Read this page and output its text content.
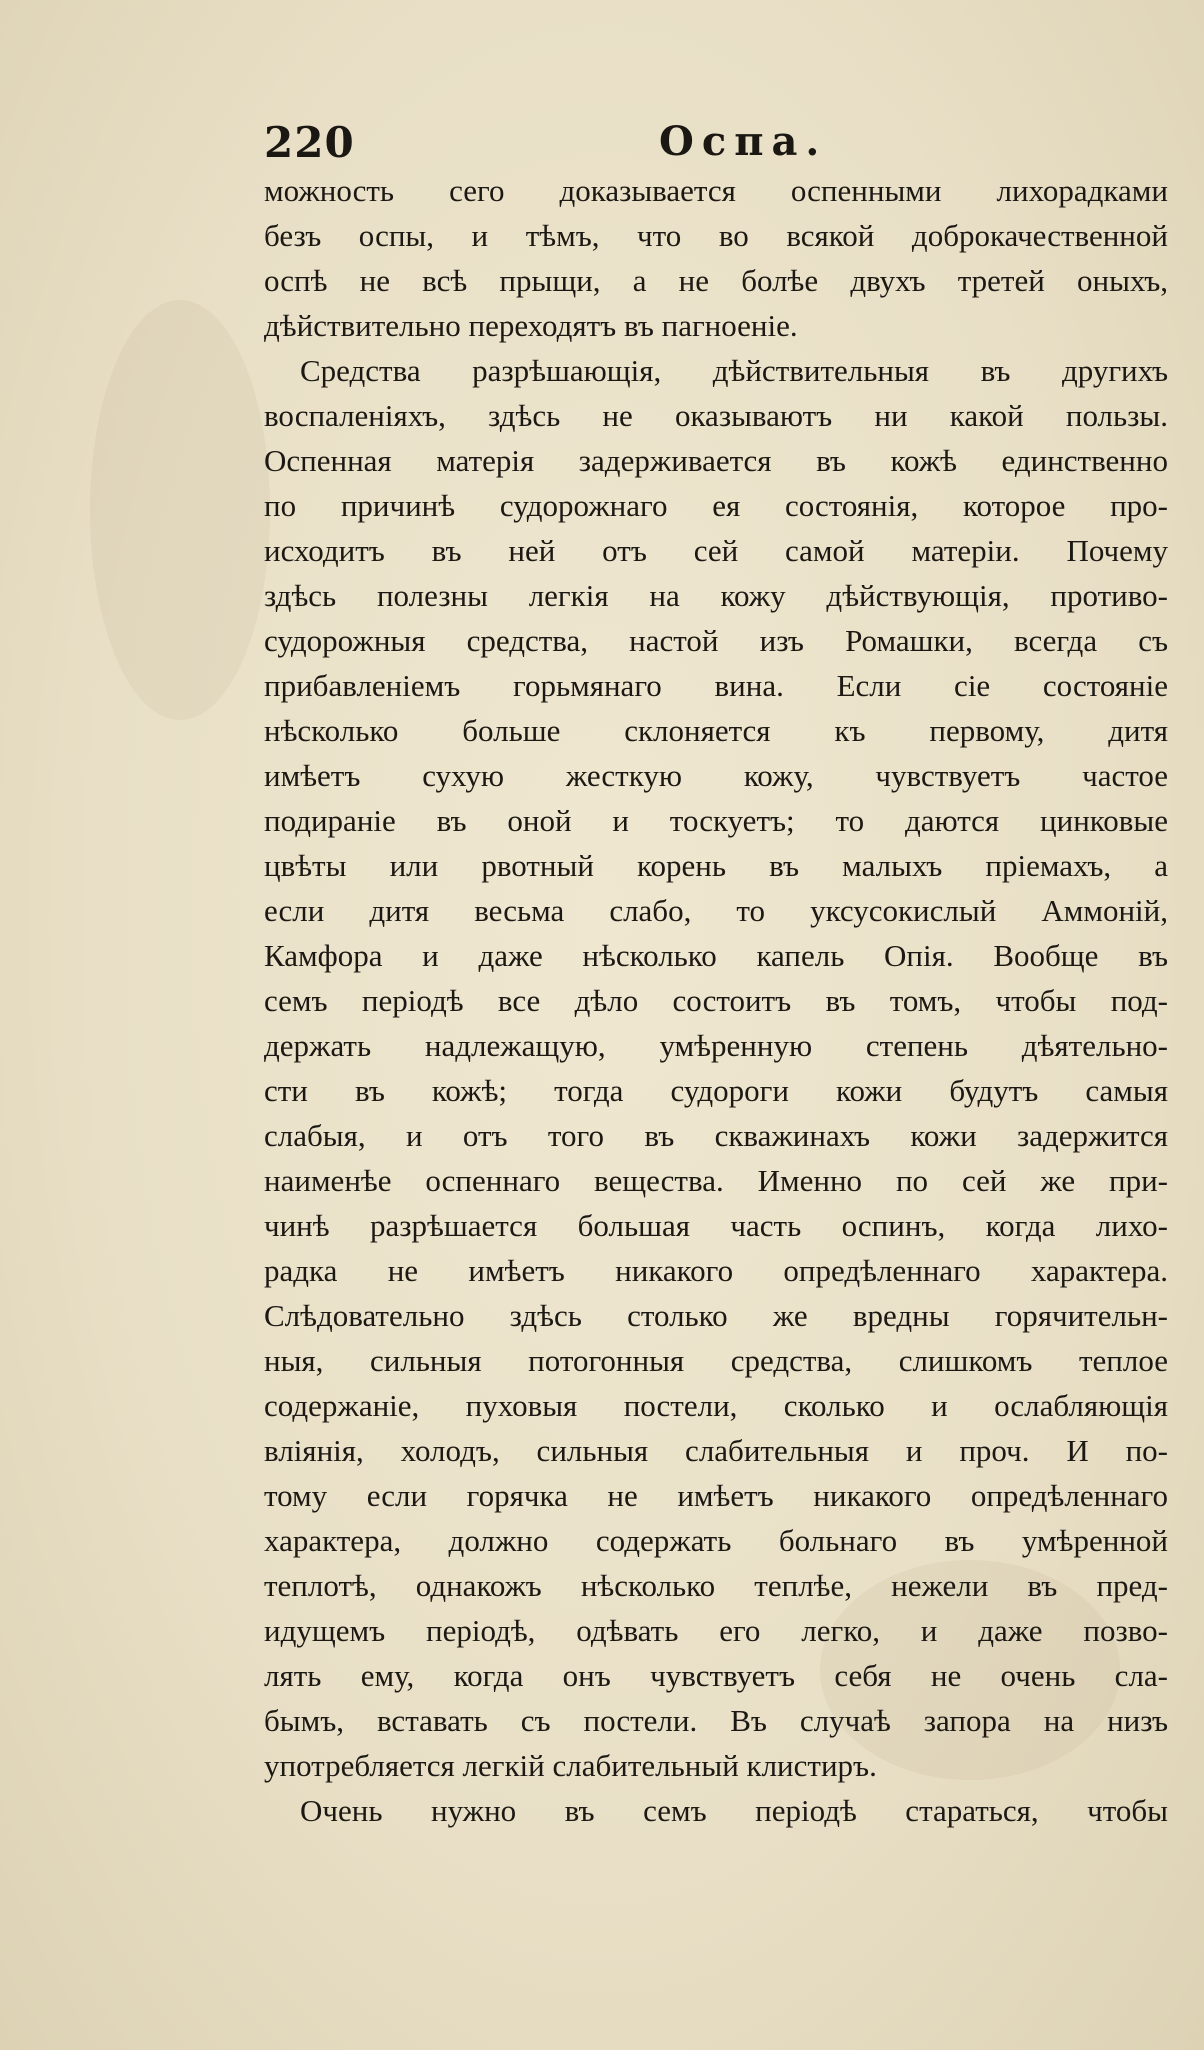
220	Оспа.
можность сего доказывается оспенными лихорадками
безъ оспы, и тѣмъ, что во всякой доброкачественной
оспѣ не всѣ прыщи, а не болѣе двухъ третей оныхъ,
дѣйствительно переходятъ въ пагноеніе.
Средства разрѣшающія, дѣйствительныя въ другихъ
воспаленіяхъ, здѣсь не оказываютъ ни какой пользы.
Оспенная матерія задерживается въ кожѣ единственно
по причинѣ судорожнаго ея состоянія, которое про-
исходитъ въ ней отъ сей самой матеріи. Почему
здѣсь полезны легкія на кожу дѣйствующія, противо-
судорожныя средства, настой изъ Ромашки, всегда съ
прибавленіемъ горьмянаго вина. Если сіе состояніе
нѣсколько больше склоняется къ первому, дитя
имѣетъ сухую жесткую кожу, чувствуетъ частое
подираніе въ оной и тоскуетъ; то даются цинковые
цвѣты или рвотный корень въ малыхъ пріемахъ, а
если дитя весьма слабо, то уксусокислый Аммоній,
Камфора и даже нѣсколько капель Опія. Вообще въ
семъ періодѣ все дѣло состоитъ въ томъ, чтобы под-
держать надлежащую, умѣренную степень дѣятельно-
сти въ кожѣ; тогда судороги кожи будутъ самыя
слабыя, и отъ того въ скважинахъ кожи задержится
наименѣе оспеннаго вещества. Именно по сей же при-
чинѣ разрѣшается большая часть оспинъ, когда лихо-
радка не имѣетъ никакого опредѣленнаго характера.
Слѣдовательно здѣсь столько же вредны горячительн-
ныя, сильныя потогонныя средства, слишкомъ теплое
содержаніе, пуховыя постели, сколько и ослабляющія
вліянія, холодъ, сильныя слабительныя и проч. И по-
тому если горячка не имѣетъ никакого опредѣленнаго
характера, должно содержать больнаго въ умѣренной
теплотѣ, однакожъ нѣсколько теплѣе, нежели въ пред-
идущемъ періодѣ, одѣвать его легко, и даже позво-
лять ему, когда онъ чувствуетъ себя не очень сла-
бымъ, вставать съ постели. Въ случаѣ запора на низъ
употребляется легкій слабительный клистиръ.
Очень нужно въ семъ періодѣ стараться, чтобы
